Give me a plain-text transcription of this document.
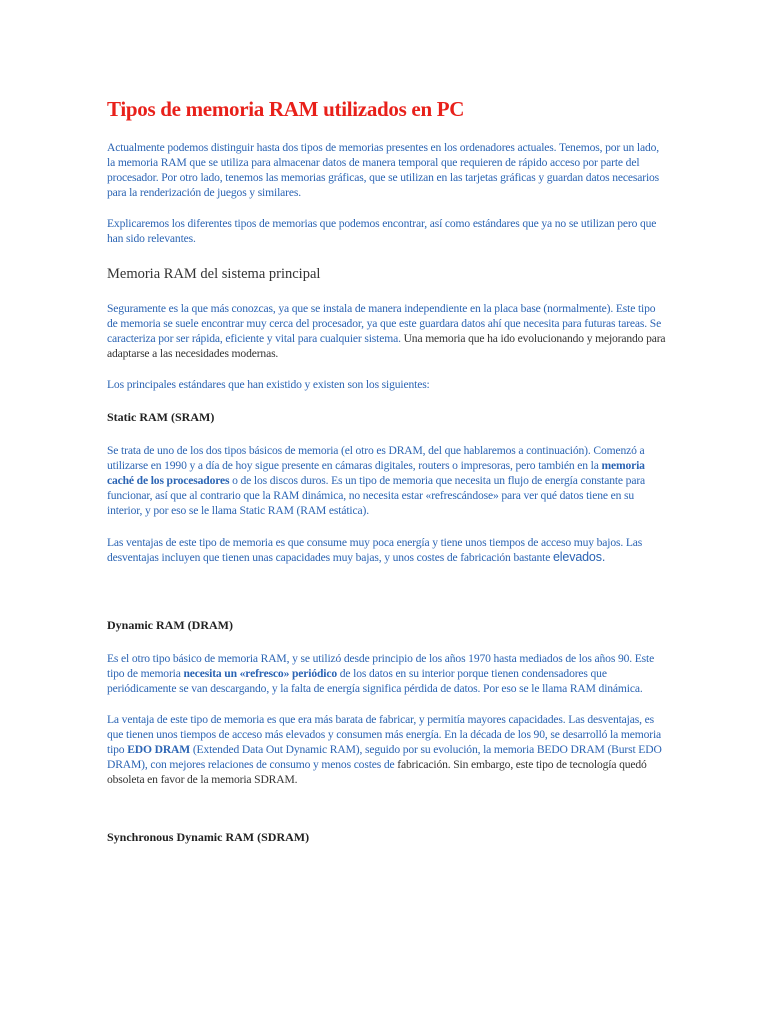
Tipos de memoria RAM utilizados en PC

Actualmente podemos distinguir hasta dos tipos de memorias presentes en los ordenadores actuales. Tenemos, por un lado, la memoria RAM que se utiliza para almacenar datos de manera temporal que requieren de rápido acceso por parte del procesador. Por otro lado, tenemos las memorias gráficas, que se utilizan en las tarjetas gráficas y guardan datos necesarios para la renderización de juegos y similares.

Explicaremos los diferentes tipos de memorias que podemos encontrar, así como estándares que ya no se utilizan pero que han sido relevantes.

Memoria RAM del sistema principal

Seguramente es la que más conozcas, ya que se instala de manera independiente en la placa base (normalmente). Este tipo de memoria se suele encontrar muy cerca del procesador, ya que este guardara datos ahí que necesita para futuras tareas. Se caracteriza por ser rápida, eficiente y vital para cualquier sistema. Una memoria que ha ido evolucionando y mejorando para adaptarse a las necesidades modernas.

Los principales estándares que han existido y existen son los siguientes:

Static RAM (SRAM)

Se trata de uno de los dos tipos básicos de memoria (el otro es DRAM, del que hablaremos a continuación). Comenzó a utilizarse en 1990 y a día de hoy sigue presente en cámaras digitales, routers o impresoras, pero también en la memoria caché de los procesadores o de los discos duros. Es un tipo de memoria que necesita un flujo de energía constante para funcionar, así que al contrario que la RAM dinámica, no necesita estar «refrescándose» para ver qué datos tiene en su interior, y por eso se le llama Static RAM (RAM estática).

Las ventajas de este tipo de memoria es que consume muy poca energía y tiene unos tiempos de acceso muy bajos. Las desventajas incluyen que tienen unas capacidades muy bajas, y unos costes de fabricación bastante elevados.

Dynamic RAM (DRAM)

Es el otro tipo básico de memoria RAM, y se utilizó desde principio de los años 1970 hasta mediados de los años 90. Este tipo de memoria necesita un «refresco» periódico de los datos en su interior porque tienen condensadores que periódicamente se van descargando, y la falta de energía significa pérdida de datos. Por eso se le llama RAM dinámica.

La ventaja de este tipo de memoria es que era más barata de fabricar, y permitía mayores capacidades. Las desventajas, es que tienen unos tiempos de acceso más elevados y consumen más energía. En la década de los 90, se desarrolló la memoria tipo EDO DRAM (Extended Data Out Dynamic RAM), seguido por su evolución, la memoria BEDO DRAM (Burst EDO DRAM), con mejores relaciones de consumo y menos costes de fabricación. Sin embargo, este tipo de tecnología quedó obsoleta en favor de la memoria SDRAM.

Synchronous Dynamic RAM (SDRAM)
